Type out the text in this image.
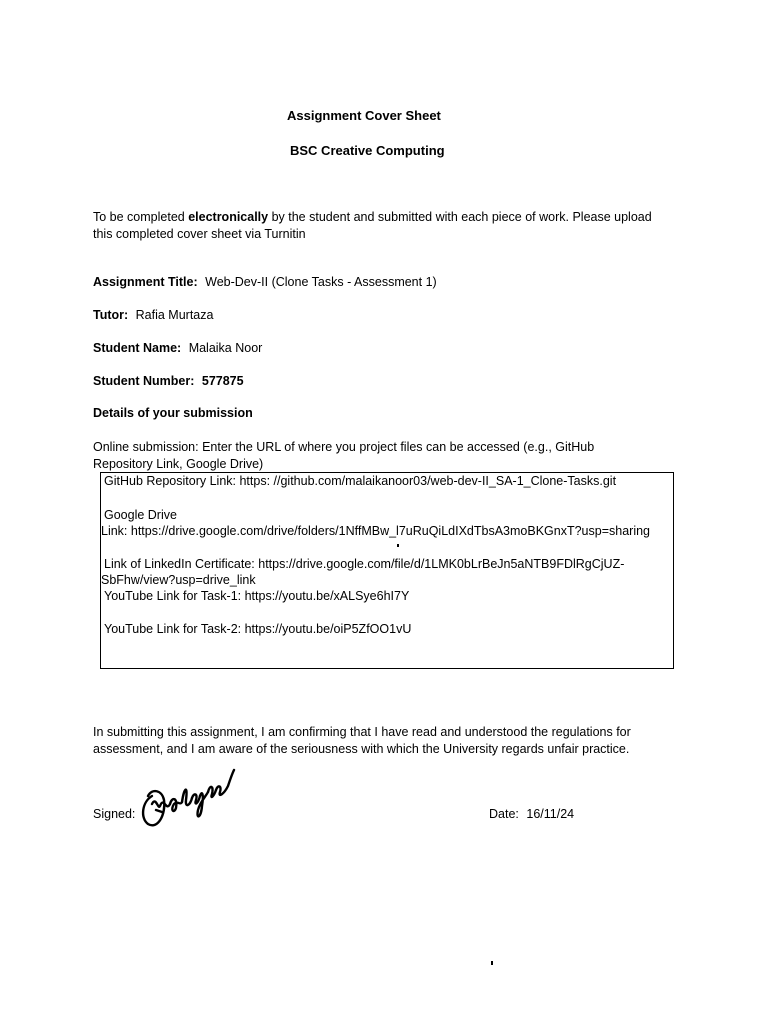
Assignment Cover Sheet
BSC Creative Computing
To be completed electronically by the student and submitted with each piece of work. Please upload this completed cover sheet via Turnitin
Assignment Title: Web-Dev-II (Clone Tasks - Assessment 1)
Tutor: Rafia Murtaza
Student Name: Malaika Noor
Student Number: 577875
Details of your submission
Online submission: Enter the URL of where you project files can be accessed (e.g., GitHub Repository Link, Google Drive)
GitHub Repository Link: https: //github.com/malaikanoor03/web-dev-II_SA-1_Clone-Tasks.git
Google Drive
Link: https://drive.google.com/drive/folders/1NffMBw_l7uRuQiLdIXdTbsA3moBKGnxT?usp=sharing
Link of LinkedIn Certificate: https://drive.google.com/file/d/1LMK0bLrBeJn5aNTB9FDlRgCjUZ-
SbFhw/view?usp=drive_link
YouTube Link for Task-1: https://youtu.be/xALSye6hI7Y
YouTube Link for Task-2: https://youtu.be/oiP5ZfOO1vU
In submitting this assignment, I am confirming that I have read and understood the regulations for assessment, and I am aware of the seriousness with which the University regards unfair practice.
Signed:	Date: 16/11/24
